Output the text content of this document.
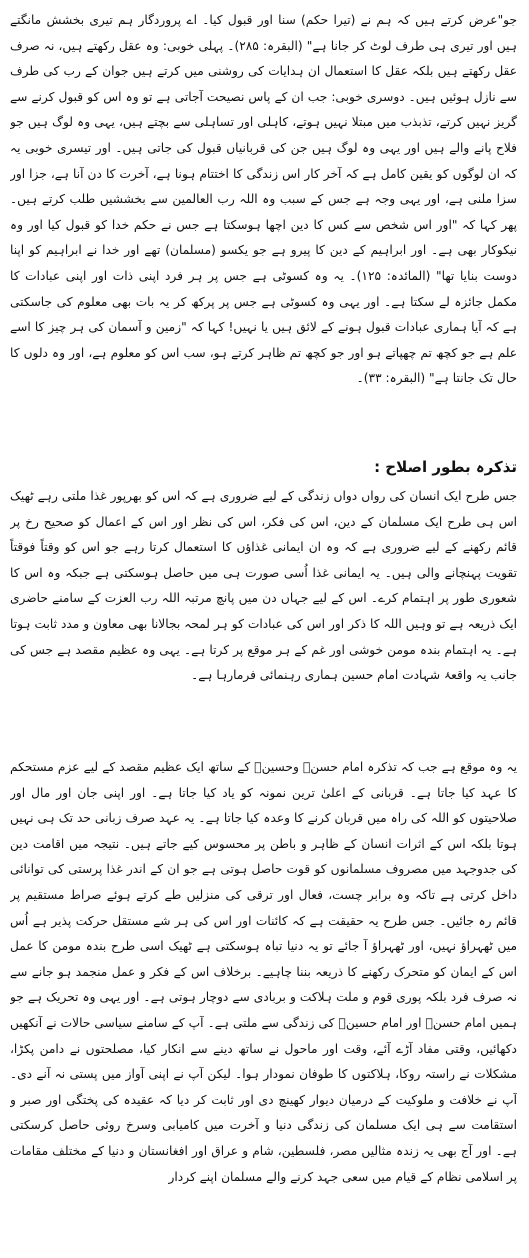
جو"عرض کرتے ہیں کہ ہم نے (تیرا حکم) سنا اور قبول کیا۔ اے پروردگار ہم تیری بخشش مانگتے ہیں اور تیری ہی طرف لوٹ کر جانا ہے" (البقرہ: ۲۸۵)۔ پہلی خوبی: وہ عقل رکھتے ہیں، نہ صرف عقل رکھتے ہیں بلکہ عقل کا استعمال ان ہدایات کی روشنی میں کرتے ہیں جوان کے رب کی طرف سے نازل ہوئیں ہیں۔ دوسری خوبی: جب ان کے پاس نصیحت آجاتی ہے تو وہ اس کو قبول کرنے سے گریز نہیں کرتے، تذبذب میں مبتلا نہیں ہوتے، کاہلی اور تساہلی سے بچتے ہیں، یہی وہ لوگ ہیں جو فلاح پانے والے ہیں اور یہی وہ لوگ ہیں جن کی قربانیاں قبول کی جاتی ہیں۔ اور تیسری خوبی یہ کہ ان لوگوں کو یقین کامل ہے کہ آخر کار اس زندگی کا اختتام ہونا ہے، آخرت کا دن آنا ہے، جزا اور سزا ملنی ہے، اور یہی وجہ ہے جس کے سبب وہ اللہ رب العالمین سے بخششیں طلب کرتے ہیں۔ پھر کہا کہ "اور اس شخص سے کس کا دین اچھا ہوسکتا ہے جس نے حکم خدا کو قبول کیا اور وہ نیکوکار بھی ہے۔ اور ابراہیم کے دین کا پیرو ہے جو یکسو (مسلمان) تھے اور خدا نے ابراہیم کو اپنا دوست بنایا تھا" (المائدہ: ۱۲۵)۔ یہ وہ کسوٹی ہے جس پر ہر فرد اپنی ذات اور اپنی عبادات کا مکمل جائزہ لے سکتا ہے۔ اور یہی وہ کسوٹی ہے جس پر پرکھ کر یہ بات بھی معلوم کی جاسکتی ہے کہ آیا ہماری عبادات قبول ہونے کے لائق ہیں یا نہیں! کہا کہ "زمین و آسمان کی ہر چیز کا اسے علم ہے جو کچھ تم چھپاتے ہو اور جو کچھ تم ظاہر کرتے ہو، سب اس کو معلوم ہے، اور وہ دلوں کا حال تک جانتا ہے" (البقرہ: ۳۳)۔

تذکرہ بطور اصلاح :

جس طرح ایک انسان کی رواں دواں زندگی کے لیے ضروری ہے کہ اس کو بھرپور غذا ملتی رہے ٹھیک اس ہی طرح ایک مسلمان کے دین، اس کی فکر، اس کی نظر اور اس کے اعمال کو صحیح رخ پر قائم رکھنے کے لیے ضروری ہے کہ وہ ان ایمانی غذاؤں کا استعمال کرتا رہے جو اس کو وقتاً فوقتاً تقویت پہنچانے والی ہیں۔ یہ ایمانی غذا اُسی صورت ہی میں حاصل ہوسکتی ہے جبکہ وہ اس کا شعوری طور پر اہتمام کرے۔ اس کے لیے جہاں دن میں پانچ مرتبہ اللہ رب العزت کے سامنے حاضری ایک ذریعہ ہے تو وہیں اللہ کا ذکر اور اس کی عبادات کو ہر لمحہ بجالانا بھی معاون و مدد ثابت ہوتا ہے۔ یہ اہتمام بندہ مومن خوشی اور غم کے ہر موقع پر کرتا ہے۔ یہی وہ عظیم مقصد ہے جس کی جانب یہ واقعۂ شہادت امام حسین ہماری رہنمائی فرمارہا ہے۔

یہ وہ موقع ہے جب کہ تذکرہ امام حسنؓ وحسینؓ کے ساتھ ایک عظیم مقصد کے لیے عزم مستحکم کا عہد کیا جاتا ہے۔ قربانی کے اعلیٰ ترین نمونہ کو یاد کیا جاتا ہے۔ اور اپنی جان اور مال اور صلاحیتوں کو اللہ کی راہ میں قربان کرنے کا وعدہ کیا جاتا ہے۔ یہ عہد صرف زبانی حد تک ہی نہیں ہوتا بلکہ اس کے اثرات انسان کے ظاہر و باطن پر محسوس کیے جاتے ہیں۔ نتیجہ میں اقامت دین کی جدوجہد میں مصروف مسلمانوں کو قوت حاصل ہوتی ہے جو ان کے اندر غذا پرستی کی توانائی داخل کرتی ہے تاکہ وہ برابر چست، فعال اور ترقی کی منزلیں طے کرتے ہوئے صراط مستقیم پر قائم رہ جائیں۔ جس طرح یہ حقیقت ہے کہ کائنات اور اس کی ہر شے مستقل حرکت پذیر ہے اُس میں ٹھہراؤ نہیں، اور ٹھہراؤ آ جائے تو یہ دنیا تباہ ہوسکتی ہے ٹھیک اسی طرح بندہ مومن کا عمل اس کے ایمان کو متحرک رکھنے کا ذریعہ بننا چاہیے۔ برخلاف اس کے فکر و عمل منجمد ہو جانے سے نہ صرف فرد بلکہ پوری قوم و ملت ہلاکت و بربادی سے دوچار ہوتی ہے۔ اور یہی وہ تحریک ہے جو ہمیں امام حسنؓ اور امام حسینؓ کی زندگی سے ملتی ہے۔ آپ کے سامنے سیاسی حالات نے آنکھیں دکھائیں، وقتی مفاد آڑے آئے، وقت اور ماحول نے ساتھ دینے سے انکار کیا، مصلحتوں نے دامن پکڑا، مشکلات نے راستہ روکا، ہلاکتوں کا طوفان نمودار ہوا۔ لیکن آپ نے اپنی آواز میں پستی نہ آنے دی۔ آپ نے خلافت و ملوکیت کے درمیان دیوار کھینچ دی اور ثابت کر دیا کہ عقیدہ کی پختگی اور صبر و استقامت سے ہی ایک مسلمان کی زندگی دنیا و آخرت میں کامیابی وسرخ روئی حاصل کرسکتی ہے۔ اور آج بھی یہ زندہ مثالیں مصر، فلسطین، شام و عراق اور افغانستان و دنیا کے مختلف مقامات پر اسلامی نظام کے قیام میں سعی جہد کرنے والے مسلمان اپنے کردار
